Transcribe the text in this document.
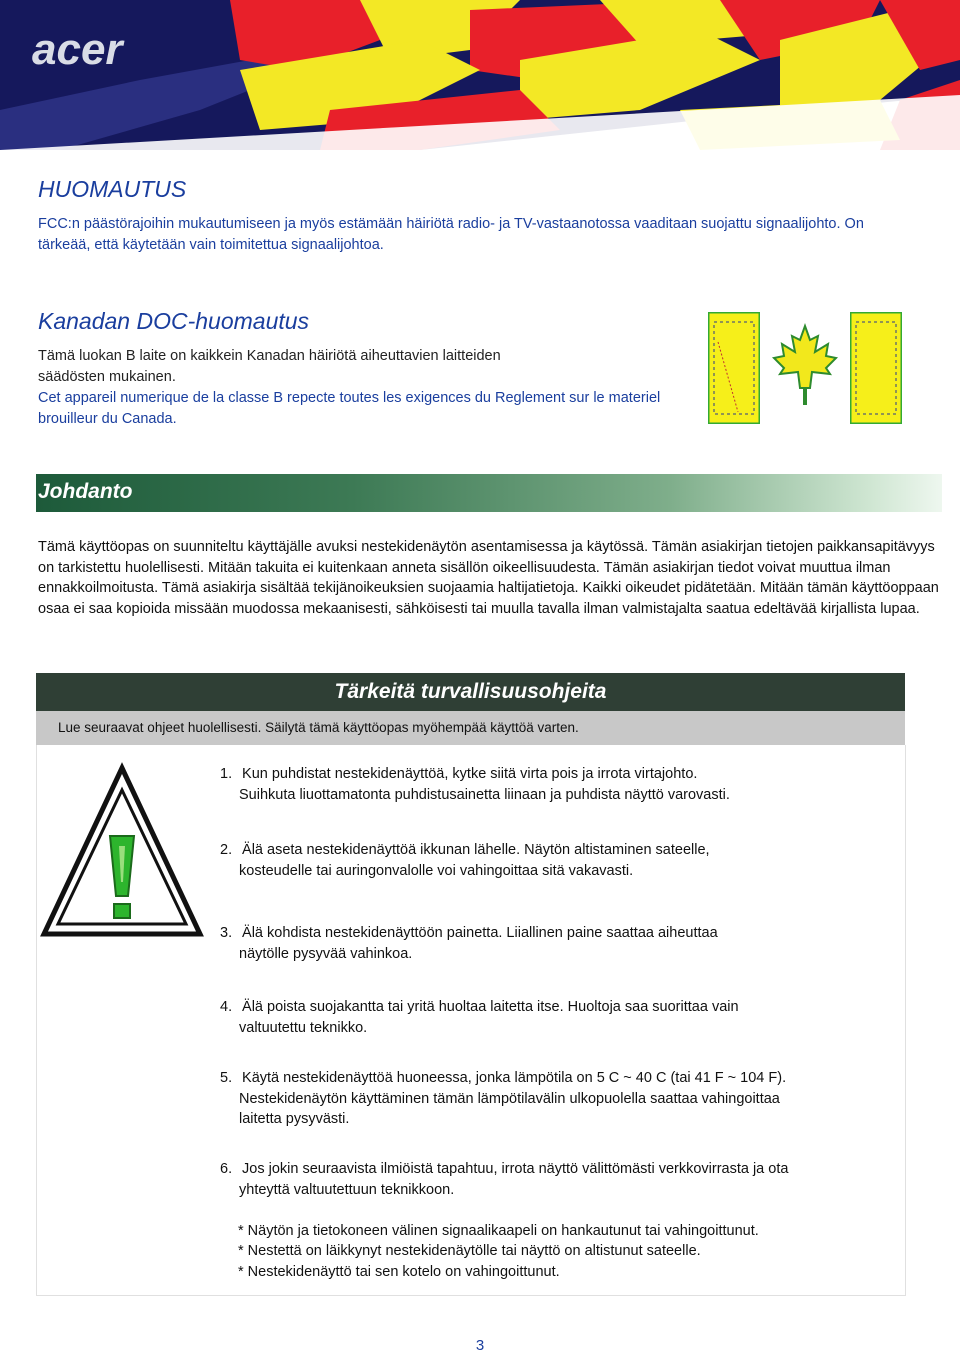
acer
HUOMAUTUS

FCC:n päästörajoihin mukautumiseen ja myös estämään häiriötä radio- ja TV-vastaanotossa vaaditaan suojattu signaalijohto. On tärkeää, että käytetään vain toimitettua signaalijohtoa.

Kanadan DOC-huomautus

Tämä luokan B laite on kaikkein Kanadan häiriötä aiheuttavien laitteiden säädösten mukainen.

Cet appareil numerique de la classe B repecte toutes les exigences du Reglement sur le materiel brouilleur du Canada.

Johdanto

Tämä käyttöopas on suunniteltu käyttäjälle avuksi nestekidenäytön asentamisessa ja käytössä. Tämän asiakirjan tietojen paikkansapitävyys on tarkistettu huolellisesti. Mitään takuita ei kuitenkaan anneta sisällön oikeellisuudesta. Tämän asiakirjan tiedot voivat muuttua ilman ennakkoilmoitusta. Tämä asiakirja sisältää tekijänoikeuksien suojaamia haltijatietoja. Kaikki oikeudet pidätetään. Mitään tämän käyttöoppaan osaa ei saa kopioida missään muodossa mekaanisesti, sähköisesti tai muulla tavalla ilman valmistajalta saatua edeltävää kirjallista lupaa.

Tärkeitä turvallisuusohjeita
Lue seuraavat ohjeet huolellisesti. Säilytä tämä käyttöopas myöhempää käyttöä varten.
1. Kun puhdistat nestekidenäyttöä, kytke siitä virta pois ja irrota virtajohto.
Suihkuta liuottamatonta puhdistusainetta liinaan ja puhdista näyttö varovasti.
2. Älä aseta nestekidenäyttöä ikkunan lähelle. Näytön altistaminen sateelle,
kosteudelle tai auringonvalolle voi vahingoittaa sitä vakavasti.
3. Älä kohdista nestekidenäyttöön painetta. Liiallinen paine saattaa aiheuttaa
näytölle pysyvää vahinkoa.
4. Älä poista suojakantta tai yritä huoltaa laitetta itse. Huoltoja saa suorittaa vain
valtuutettu teknikko.
5. Käytä nestekidenäyttöä huoneessa, jonka lämpötila on 5 C ~ 40 C (tai 41 F ~ 104 F).
Nestekidenäytön käyttäminen tämän lämpötilavälin ulkopuolella saattaa vahingoittaa
laitetta pysyvästi.
6. Jos jokin seuraavista ilmiöistä tapahtuu, irrota näyttö välittömästi verkkovirrasta ja ota
yhteyttä valtuutettuun teknikkoon.
* Näytön ja tietokoneen välinen signaalikaapeli on hankautunut tai vahingoittunut.
* Nestettä on läikkynyt nestekidenäytölle tai näyttö on altistunut sateelle.
* Nestekidenäyttö tai sen kotelo on vahingoittunut.
3
